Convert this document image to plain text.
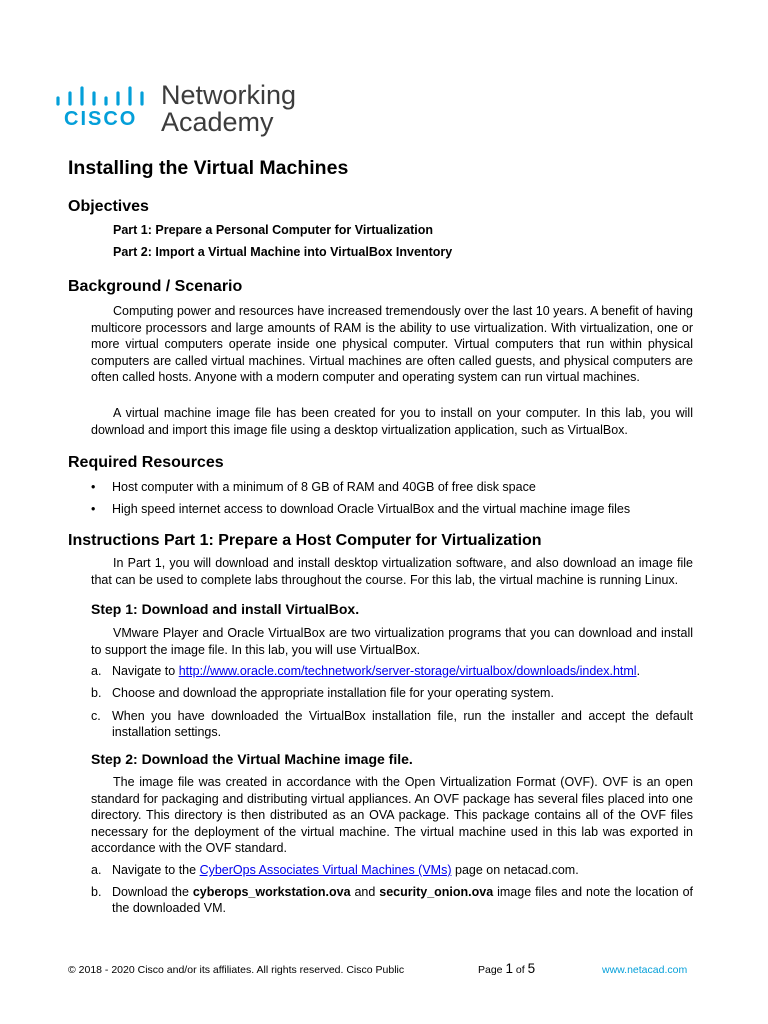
CISCO
Networking
Academy
Installing the Virtual Machines
Objectives
Part 1: Prepare a Personal Computer for Virtualization
Part 2: Import a Virtual Machine into VirtualBox Inventory
Background / Scenario

Computing power and resources have increased tremendously over the last 10 years. A benefit of having multicore processors and large amounts of RAM is the ability to use virtualization. With virtualization, one or more virtual computers operate inside one physical computer. Virtual computers that run within physical computers are called virtual machines. Virtual machines are often called guests, and physical computers are often called hosts. Anyone with a modern computer and operating system can run virtual machines.

A virtual machine image file has been created for you to install on your computer. In this lab, you will download and import this image file using a desktop virtualization application, such as VirtualBox.

Required Resources
•	Host computer with a minimum of 8 GB of RAM and 40GB of free disk space
•	High speed internet access to download Oracle VirtualBox and the virtual machine image files
Instructions Part 1: Prepare a Host Computer for Virtualization

In Part 1, you will download and install desktop virtualization software, and also download an image file that can be used to complete labs throughout the course. For this lab, the virtual machine is running Linux.

Step 1: Download and install VirtualBox.

VMware Player and Oracle VirtualBox are two virtualization programs that you can download and install to support the image file. In this lab, you will use VirtualBox.

a. Navigate to http://www.oracle.com/technetwork/server-storage/virtualbox/downloads/index.html.
b. Choose and download the appropriate installation file for your operating system.
c. When you have downloaded the VirtualBox installation file, run the installer and accept the default installation settings.
Step 2: Download the Virtual Machine image file.

The image file was created in accordance with the Open Virtualization Format (OVF). OVF is an open standard for packaging and distributing virtual appliances. An OVF package has several files placed into one directory. This directory is then distributed as an OVA package. This package contains all of the OVF files necessary for the deployment of the virtual machine. The virtual machine used in this lab was exported in accordance with the OVF standard.

a. Navigate to the CyberOps Associates Virtual Machines (VMs) page on netacad.com.
b. Download the cyberops_workstation.ova and security_onion.ova image files and note the location of the downloaded VM.
© 2018 - 2020 Cisco and/or its affiliates. All rights reserved. Cisco Public	Page 1 of 5	www.netacad.com
